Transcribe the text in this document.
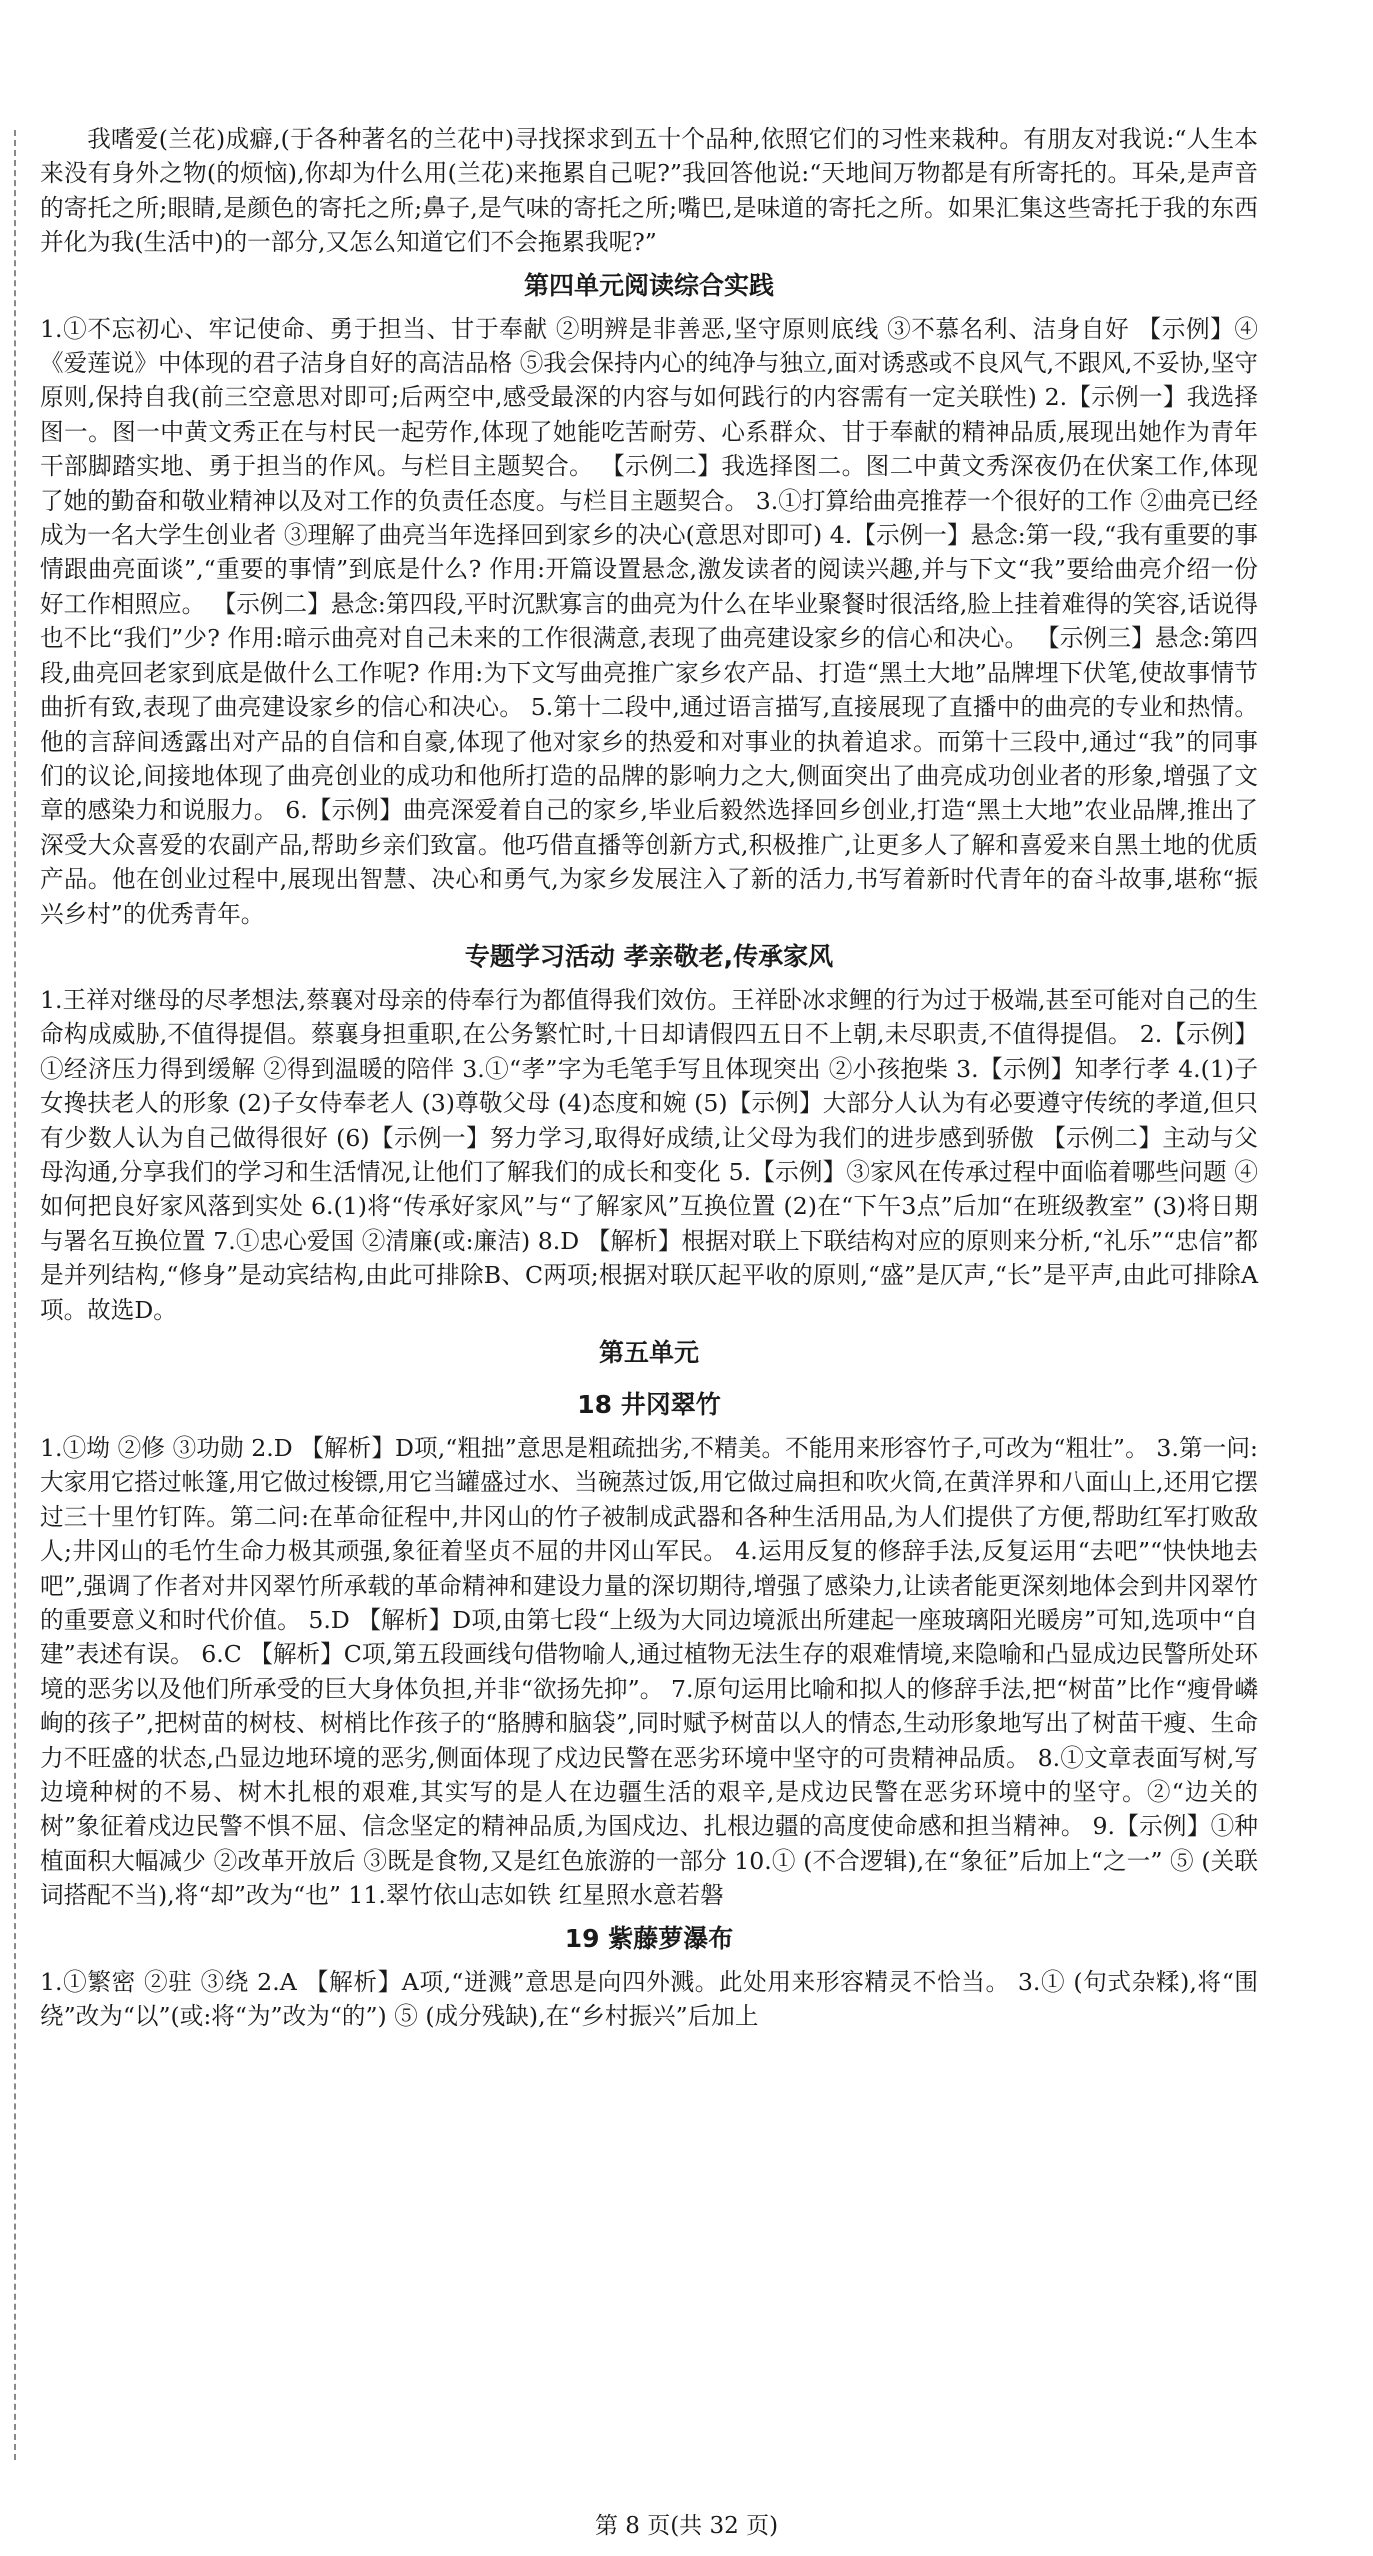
我嗜爱(兰花)成癖,(于各种著名的兰花中)寻找探求到五十个品种,依照它们的习性来栽种。有朋友对我说:“人生本来没有身外之物(的烦恼),你却为什么用(兰花)来拖累自己呢?”我回答他说:“天地间万物都是有所寄托的。耳朵,是声音的寄托之所;眼睛,是颜色的寄托之所;鼻子,是气味的寄托之所;嘴巴,是味道的寄托之所。如果汇集这些寄托于我的东西并化为我(生活中)的一部分,又怎么知道它们不会拖累我呢?”
第四单元阅读综合实践
1.①不忘初心、牢记使命、勇于担当、甘于奉献 ②明辨是非善恶,坚守原则底线 ③不慕名利、洁身自好 【示例】④《爱莲说》中体现的君子洁身自好的高洁品格 ⑤我会保持内心的纯净与独立,面对诱惑或不良风气,不跟风,不妥协,坚守原则,保持自我(前三空意思对即可;后两空中,感受最深的内容与如何践行的内容需有一定关联性) 2.【示例一】我选择图一。图一中黄文秀正在与村民一起劳作,体现了她能吃苦耐劳、心系群众、甘于奉献的精神品质,展现出她作为青年干部脚踏实地、勇于担当的作风。与栏目主题契合。 【示例二】我选择图二。图二中黄文秀深夜仍在伏案工作,体现了她的勤奋和敬业精神以及对工作的负责任态度。与栏目主题契合。 3.①打算给曲亮推荐一个很好的工作 ②曲亮已经成为一名大学生创业者 ③理解了曲亮当年选择回到家乡的决心(意思对即可) 4.【示例一】悬念:第一段,“我有重要的事情跟曲亮面谈”,“重要的事情”到底是什么? 作用:开篇设置悬念,激发读者的阅读兴趣,并与下文“我”要给曲亮介绍一份好工作相照应。 【示例二】悬念:第四段,平时沉默寡言的曲亮为什么在毕业聚餐时很活络,脸上挂着难得的笑容,话说得也不比“我们”少? 作用:暗示曲亮对自己未来的工作很满意,表现了曲亮建设家乡的信心和决心。 【示例三】悬念:第四段,曲亮回老家到底是做什么工作呢? 作用:为下文写曲亮推广家乡农产品、打造“黑土大地”品牌埋下伏笔,使故事情节曲折有致,表现了曲亮建设家乡的信心和决心。 5.第十二段中,通过语言描写,直接展现了直播中的曲亮的专业和热情。他的言辞间透露出对产品的自信和自豪,体现了他对家乡的热爱和对事业的执着追求。而第十三段中,通过“我”的同事们的议论,间接地体现了曲亮创业的成功和他所打造的品牌的影响力之大,侧面突出了曲亮成功创业者的形象,增强了文章的感染力和说服力。 6.【示例】曲亮深爱着自己的家乡,毕业后毅然选择回乡创业,打造“黑土大地”农业品牌,推出了深受大众喜爱的农副产品,帮助乡亲们致富。他巧借直播等创新方式,积极推广,让更多人了解和喜爱来自黑土地的优质产品。他在创业过程中,展现出智慧、决心和勇气,为家乡发展注入了新的活力,书写着新时代青年的奋斗故事,堪称“振兴乡村”的优秀青年。
专题学习活动 孝亲敬老,传承家风
1.王祥对继母的尽孝想法,蔡襄对母亲的侍奉行为都值得我们效仿。王祥卧冰求鲤的行为过于极端,甚至可能对自己的生命构成威胁,不值得提倡。蔡襄身担重职,在公务繁忙时,十日却请假四五日不上朝,未尽职责,不值得提倡。 2.【示例】①经济压力得到缓解 ②得到温暖的陪伴 3.①“孝”字为毛笔手写且体现突出 ②小孩抱柴 3.【示例】知孝行孝 4.(1)子女搀扶老人的形象 (2)子女侍奉老人 (3)尊敬父母 (4)态度和婉 (5)【示例】大部分人认为有必要遵守传统的孝道,但只有少数人认为自己做得很好 (6)【示例一】努力学习,取得好成绩,让父母为我们的进步感到骄傲 【示例二】主动与父母沟通,分享我们的学习和生活情况,让他们了解我们的成长和变化 5.【示例】③家风在传承过程中面临着哪些问题 ④如何把良好家风落到实处 6.(1)将“传承好家风”与“了解家风”互换位置 (2)在“下午3点”后加“在班级教室” (3)将日期与署名互换位置 7.①忠心爱国 ②清廉(或:廉洁) 8.D 【解析】根据对联上下联结构对应的原则来分析,“礼乐”“忠信”都是并列结构,“修身”是动宾结构,由此可排除B、C两项;根据对联仄起平收的原则,“盛”是仄声,“长”是平声,由此可排除A项。故选D。
第五单元
18 井冈翠竹
1.①坳 ②修 ③功勋 2.D 【解析】D项,“粗拙”意思是粗疏拙劣,不精美。不能用来形容竹子,可改为“粗壮”。 3.第一问:大家用它搭过帐篷,用它做过梭镖,用它当罐盛过水、当碗蒸过饭,用它做过扁担和吹火筒,在黄洋界和八面山上,还用它摆过三十里竹钉阵。第二问:在革命征程中,井冈山的竹子被制成武器和各种生活用品,为人们提供了方便,帮助红军打败敌人;井冈山的毛竹生命力极其顽强,象征着坚贞不屈的井冈山军民。 4.运用反复的修辞手法,反复运用“去吧”“快快地去吧”,强调了作者对井冈翠竹所承载的革命精神和建设力量的深切期待,增强了感染力,让读者能更深刻地体会到井冈翠竹的重要意义和时代价值。 5.D 【解析】D项,由第七段“上级为大同边境派出所建起一座玻璃阳光暖房”可知,选项中“自建”表述有误。 6.C 【解析】C项,第五段画线句借物喻人,通过植物无法生存的艰难情境,来隐喻和凸显成边民警所处环境的恶劣以及他们所承受的巨大身体负担,并非“欲扬先抑”。 7.原句运用比喻和拟人的修辞手法,把“树苗”比作“瘦骨嶙峋的孩子”,把树苗的树枝、树梢比作孩子的“胳膊和脑袋”,同时赋予树苗以人的情态,生动形象地写出了树苗干瘦、生命力不旺盛的状态,凸显边地环境的恶劣,侧面体现了戍边民警在恶劣环境中坚守的可贵精神品质。 8.①文章表面写树,写边境种树的不易、树木扎根的艰难,其实写的是人在边疆生活的艰辛,是戍边民警在恶劣环境中的坚守。②“边关的树”象征着戍边民警不惧不屈、信念坚定的精神品质,为国戍边、扎根边疆的高度使命感和担当精神。 9.【示例】①种植面积大幅减少 ②改革开放后 ③既是食物,又是红色旅游的一部分 10.① (不合逻辑),在“象征”后加上“之一” ⑤ (关联词搭配不当),将“却”改为“也” 11.翠竹依山志如铁 红星照水意若磐
19 紫藤萝瀑布
1.①繁密 ②驻 ③绕 2.A 【解析】A项,“迸溅”意思是向四外溅。此处用来形容精灵不恰当。 3.① (句式杂糅),将“围绕”改为“以”(或:将“为”改为“的”) ⑤ (成分残缺),在“乡村振兴”后加上
第 8 页(共 32 页)
